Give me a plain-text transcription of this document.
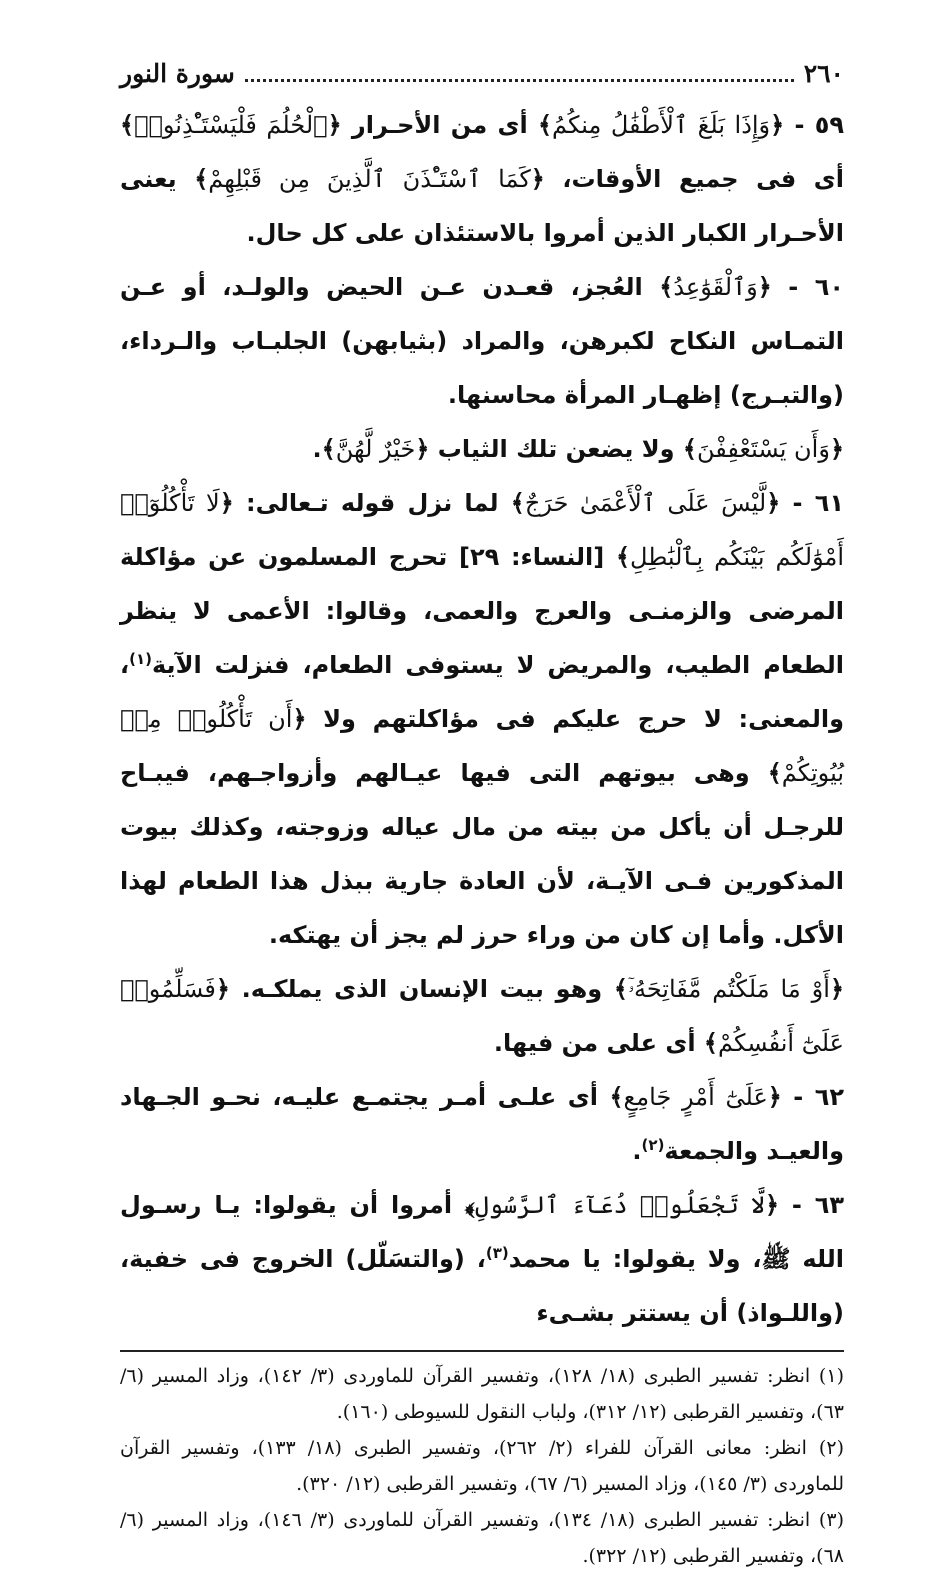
٢٦٠
سورة النور

٥٩ - ﴿وَإِذَا بَلَغَ ٱلْأَطْفَٰلُ مِنكُمُ﴾ أى من الأحـرار ﴿ٱلْحُلُمَ فَلْيَسْتَـْٔذِنُوا۟﴾ أى فى جميع الأوقات، ﴿كَمَا ٱسْتَـْٔذَنَ ٱلَّذِينَ مِن قَبْلِهِمْ﴾ يعنى الأحـرار الكبار الذين أمروا بالاستئذان على كل حال.

٦٠ - ﴿وَٱلْقَوَٰعِدُ﴾ العُجز، قعـدن عـن الحيض والولـد، أو عـن التمـاس النكاح لكبرهن، والمراد (بثيابهن) الجلبـاب والـرداء، (والتبـرج) إظهـار المرأة محاسنها.

﴿وَأَن يَسْتَعْفِفْنَ﴾ ولا يضعن تلك الثياب ﴿خَيْرٌ لَّهُنَّ﴾.

٦١ - ﴿لَّيْسَ عَلَى ٱلْأَعْمَىٰ حَرَجٌ﴾ لما نزل قوله تـعالى: ﴿لَا تَأْكُلُوٓا۟ أَمْوَٰلَكُم بَيْنَكُم بِٱلْبَٰطِلِ﴾ [النساء: ٢٩] تحرج المسلمون عن مؤاكلة المرضى والزمنـى والعرج والعمى، وقالوا: الأعمى لا ينظر الطعام الطيب، والمريض لا يستوفى الطعام، فنزلت الآية$^{(١)}$، والمعنى: لا حرج عليكم فى مؤاكلتهم ولا ﴿أَن تَأْكُلُوا۟ مِنۢ بُيُوتِكُمْ﴾ وهى بيوتهم التى فيها عيـالهم وأزواجـهم، فيبـاح للرجـل أن يأكل من بيته من مال عياله وزوجته، وكذلك بيوت المذكورين فـى الآيـة، لأن العادة جارية ببذل هذا الطعام لهذا الأكل. وأما إن كان من وراء حرز لم يجز أن يهتكه.

﴿أَوْ مَا مَلَكْتُم مَّفَاتِحَهُۥٓ﴾ وهو بيت الإنسان الذى يملكـه. ﴿فَسَلِّمُوا۟ عَلَىٰٓ أَنفُسِكُمْ﴾ أى على من فيها.

٦٢ - ﴿عَلَىٰٓ أَمْرٍ جَامِعٍ﴾ أى علـى أمـر يجتمـع عليـه، نحـو الجـهاد والعيـد والجمعة$^{(٢)}$.

٦٣ - ﴿لَّا تَجْعَلُوا۟ دُعَآءَ ٱلرَّسُولِ﴾ أمروا أن يقولوا: يـا رسـول الله ﷺ، ولا يقولوا: يا محمد$^{(٣)}$، (والتسَلّل) الخروج فى خفية، (واللـواذ) أن يستتر بشـىء

(١) انظر: تفسير الطبرى (١٨/ ١٢٨)، وتفسير القرآن للماوردى (٣/ ١٤٢)، وزاد المسير (٦/ ٦٣)، وتفسير القرطبى (١٢/ ٣١٢)، ولباب النقول للسيوطى (١٦٠).

(٢) انظر: معانى القرآن للفراء (٢/ ٢٦٢)، وتفسير الطبرى (١٨/ ١٣٣)، وتفسير القرآن للماوردى (٣/ ١٤٥)، وزاد المسير (٦/ ٦٧)، وتفسير القرطبى (١٢/ ٣٢٠).

(٣) انظر: تفسير الطبرى (١٨/ ١٣٤)، وتفسير القرآن للماوردى (٣/ ١٤٦)، وزاد المسير (٦/ ٦٨)، وتفسير القرطبى (١٢/ ٣٢٢).
